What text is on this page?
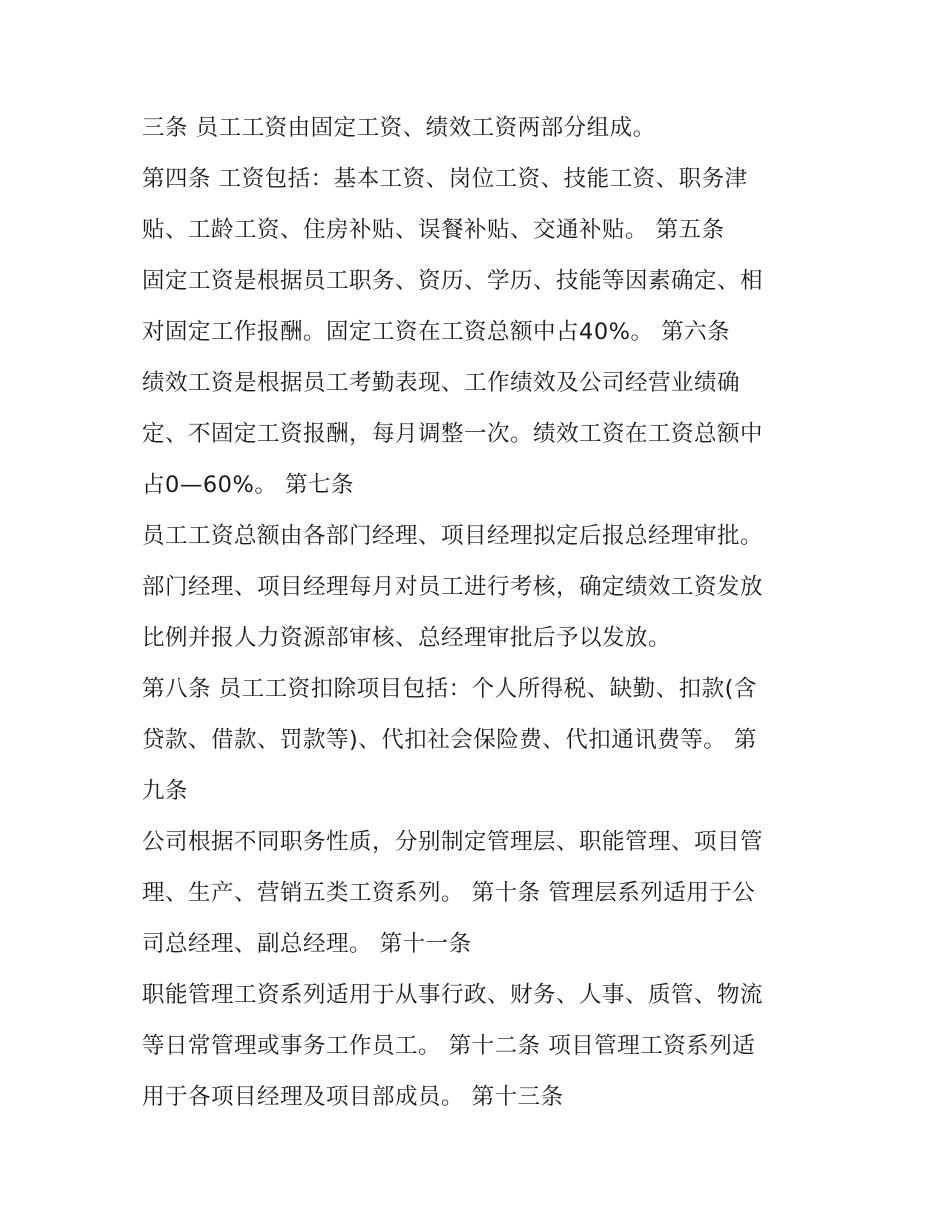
三条 员工工资由固定工资、绩效工资两部分组成。
第四条 工资包括：基本工资、岗位工资、技能工资、职务津
贴、工龄工资、住房补贴、误餐补贴、交通补贴。 第五条
固定工资是根据员工职务、资历、学历、技能等因素确定、相
对固定工作报酬。固定工资在工资总额中占40%。 第六条
绩效工资是根据员工考勤表现、工作绩效及公司经营业绩确
定、不固定工资报酬，每月调整一次。绩效工资在工资总额中
占0—60%。 第七条
员工工资总额由各部门经理、项目经理拟定后报总经理审批。
部门经理、项目经理每月对员工进行考核，确定绩效工资发放
比例并报人力资源部审核、总经理审批后予以发放。
第八条 员工工资扣除项目包括：个人所得税、缺勤、扣款(含
贷款、借款、罚款等)、代扣社会保险费、代扣通讯费等。 第
九条
公司根据不同职务性质，分别制定管理层、职能管理、项目管
理、生产、营销五类工资系列。 第十条 管理层系列适用于公
司总经理、副总经理。 第十一条
职能管理工资系列适用于从事行政、财务、人事、质管、物流
等日常管理或事务工作员工。 第十二条 项目管理工资系列适
用于各项目经理及项目部成员。 第十三条
